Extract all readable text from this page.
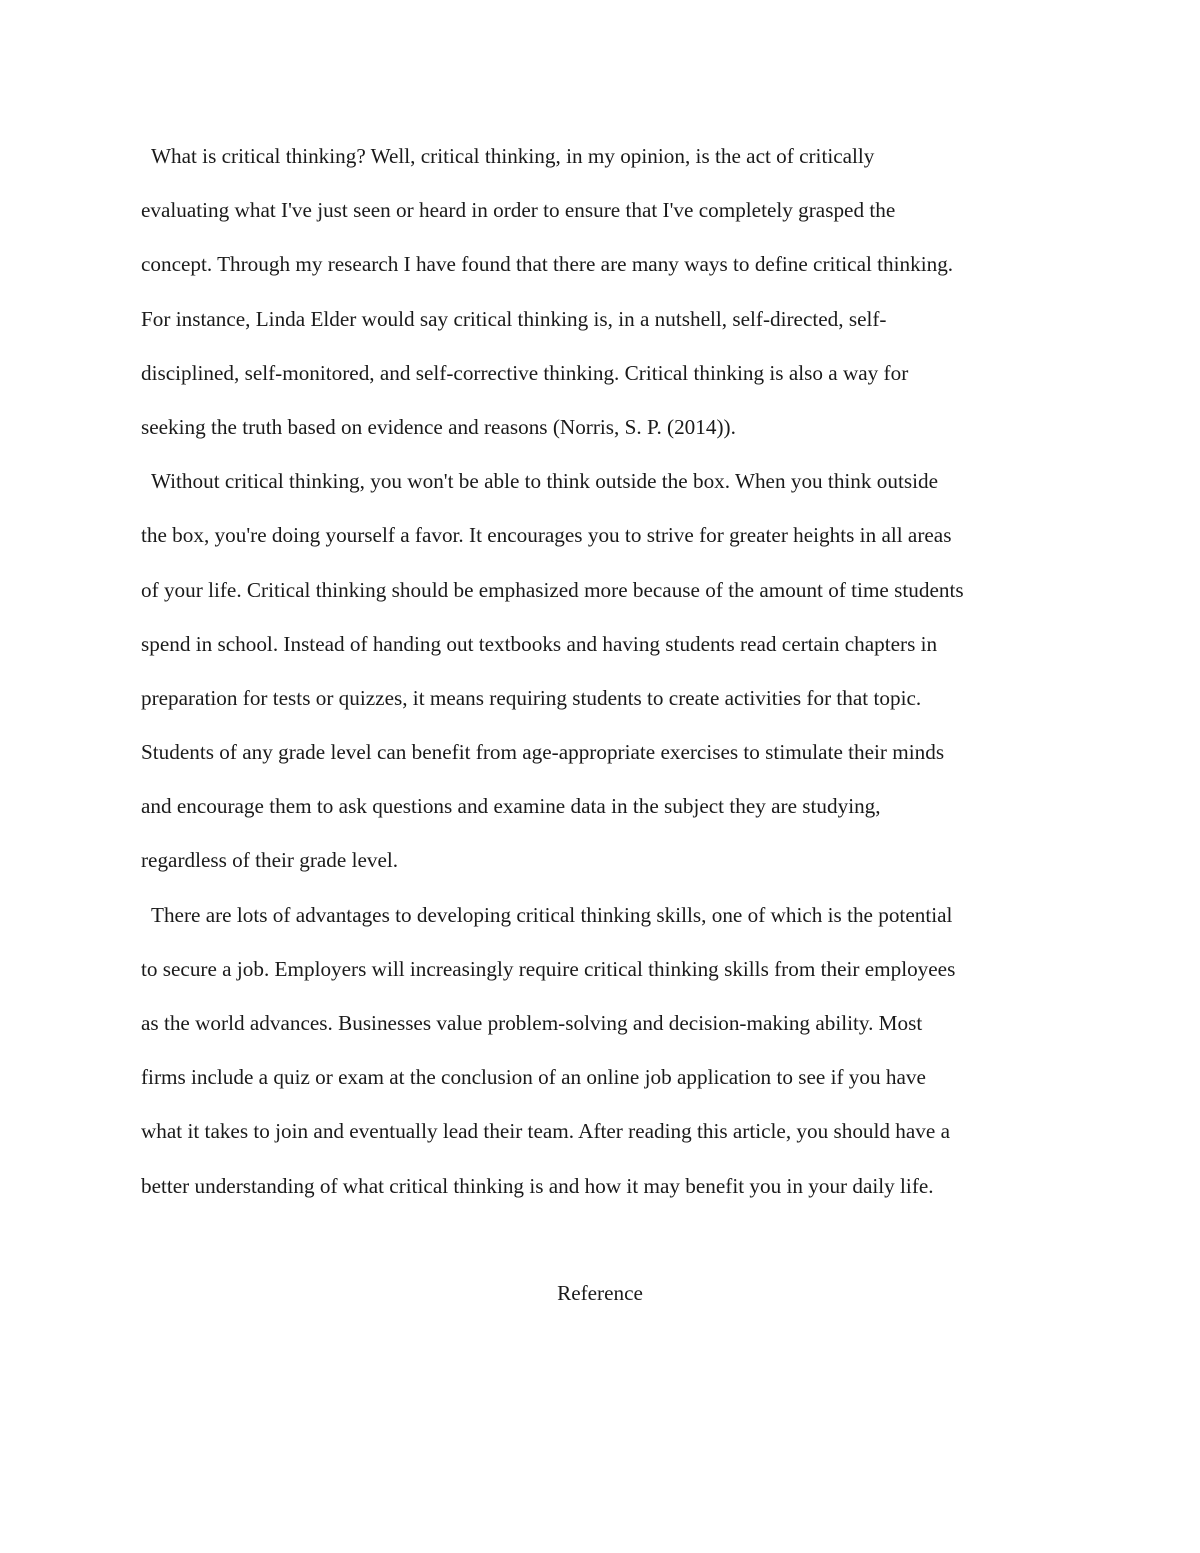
What is critical thinking? Well, critical thinking, in my opinion, is the act of critically
evaluating what I've just seen or heard in order to ensure that I've completely grasped the
concept. Through my research I have found that there are many ways to define critical thinking.
For instance, Linda Elder would say critical thinking is, in a nutshell, self-directed, self-
disciplined, self-monitored, and self-corrective thinking. Critical thinking is also a way for
seeking the truth based on evidence and reasons (Norris, S. P. (2014)).
Without critical thinking, you won't be able to think outside the box. When you think outside
the box, you're doing yourself a favor. It encourages you to strive for greater heights in all areas
of your life. Critical thinking should be emphasized more because of the amount of time students
spend in school. Instead of handing out textbooks and having students read certain chapters in
preparation for tests or quizzes, it means requiring students to create activities for that topic.
Students of any grade level can benefit from age-appropriate exercises to stimulate their minds
and encourage them to ask questions and examine data in the subject they are studying,
regardless of their grade level.
There are lots of advantages to developing critical thinking skills, one of which is the potential
to secure a job. Employers will increasingly require critical thinking skills from their employees
as the world advances. Businesses value problem-solving and decision-making ability. Most
firms include a quiz or exam at the conclusion of an online job application to see if you have
what it takes to join and eventually lead their team. After reading this article, you should have a
better understanding of what critical thinking is and how it may benefit you in your daily life.
Reference
